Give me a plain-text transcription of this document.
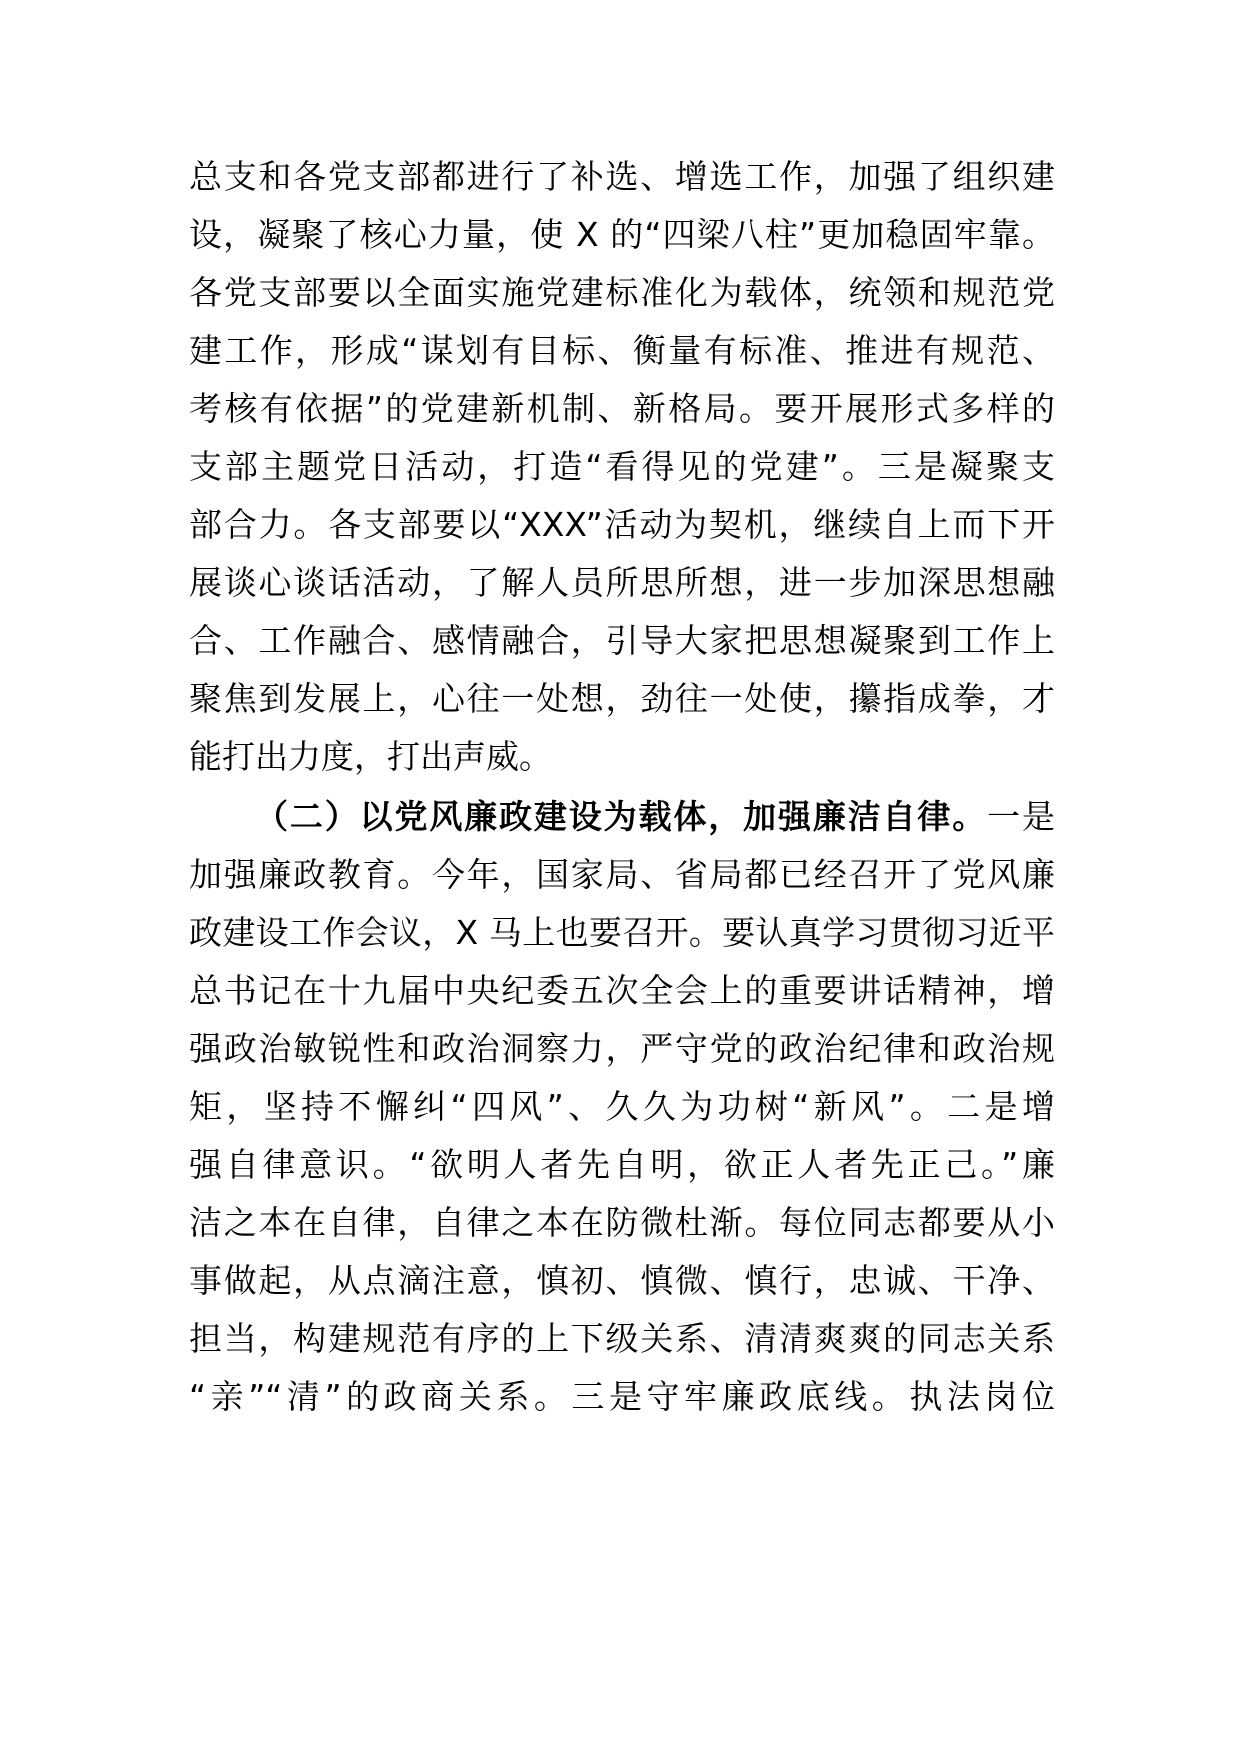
总支和各党支部都进行了补选、增选工作，加强了组织建
设，凝聚了核心力量，使 X 的“四梁八柱”更加稳固牢靠。
各党支部要以全面实施党建标准化为载体，统领和规范党
建工作，形成“谋划有目标、衡量有标准、推进有规范、
考核有依据”的党建新机制、新格局。要开展形式多样的
支部主题党日活动，打造“看得见的党建”。三是凝聚支
部合力。各支部要以“XXX”活动为契机，继续自上而下开
展谈心谈话活动，了解人员所思所想，进一步加深思想融
合、工作融合、感情融合，引导大家把思想凝聚到工作上
聚焦到发展上，心往一处想，劲往一处使，攥指成拳，才
能打出力度，打出声威。
（二）以党风廉政建设为载体，加强廉洁自律。一是
加强廉政教育。今年，国家局、省局都已经召开了党风廉
政建设工作会议，X 马上也要召开。要认真学习贯彻习近平
总书记在十九届中央纪委五次全会上的重要讲话精神，增
强政治敏锐性和政治洞察力，严守党的政治纪律和政治规
矩，坚持不懈纠“四风”、久久为功树“新风”。二是增
强自律意识。“欲明人者先自明，欲正人者先正己。”廉
洁之本在自律，自律之本在防微杜渐。每位同志都要从小
事做起，从点滴注意，慎初、慎微、慎行，忠诚、干净、
担当，构建规范有序的上下级关系、清清爽爽的同志关系
“亲”“清”的政商关系。三是守牢廉政底线。执法岗位
